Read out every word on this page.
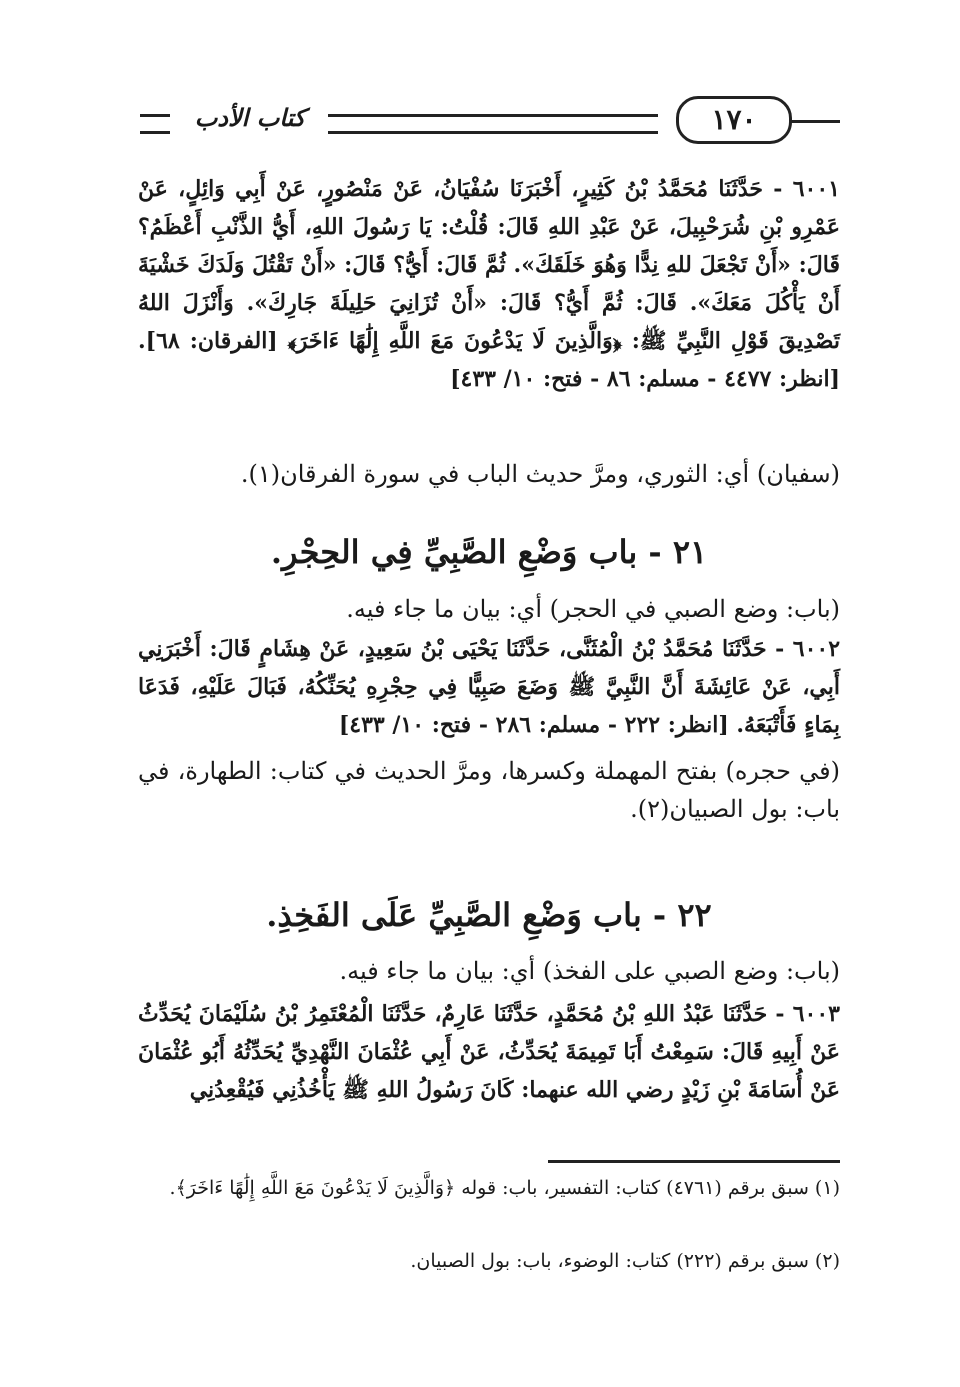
كتاب الأدب	١٧٠
٦٠٠١ - حَدَّثَنَا مُحَمَّدُ بْنُ كَثِيرٍ، أَخْبَرَنَا سُفْيَانُ، عَنْ مَنْصُورٍ، عَنْ أَبِي وَائِلٍ، عَنْ عَمْرِو بْنِ شُرَحْبِيلَ، عَنْ عَبْدِ اللهِ قَالَ: قُلْتُ: يَا رَسُولَ اللهِ، أَيُّ الذَّنْبِ أَعْظَمُ؟ قَالَ: «أَنْ تَجْعَلَ للهِ نِدًّا وَهُوَ خَلَقَكَ». ثُمَّ قَالَ: أَيُّ؟ قَالَ: «أَنْ تَقْتُلَ وَلَدَكَ خَشْيَةَ أَنْ يَأْكُلَ مَعَكَ». قَالَ: ثُمَّ أَيُّ؟ قَالَ: «أَنْ تُزَانِيَ حَلِيلَةَ جَارِكَ». وَأَنْزَلَ اللهُ تَصْدِيقَ قَوْلِ النَّبِيِّ ﷺ: ﴿وَالَّذِينَ لَا يَدْعُونَ مَعَ اللَّهِ إِلَٰهًا ءَاخَرَ﴾ [الفرقان: ٦٨]. [انظر: ٤٤٧٧ - مسلم: ٨٦ - فتح: ١٠/ ٤٣٣]
(سفيان) أي: الثوري، ومرَّ حديث الباب في سورة الفرقان(١).
٢١ - باب وَضْعِ الصَّبِيِّ فِي الحِجْرِ.
(باب: وضع الصبي في الحجر) أي: بيان ما جاء فيه.
٦٠٠٢ - حَدَّثَنَا مُحَمَّدُ بْنُ الْمُثَنَّى، حَدَّثَنَا يَحْيَى بْنُ سَعِيدٍ، عَنْ هِشَامٍ قَالَ: أَخْبَرَنِي أَبِي، عَنْ عَائِشَةَ أَنَّ النَّبِيَّ ﷺ وَضَعَ صَبِيًّا فِي حِجْرِهِ يُحَنِّكُهُ، فَبَالَ عَلَيْهِ، فَدَعَا بِمَاءٍ فَأَتْبَعَهُ. [انظر: ٢٢٢ - مسلم: ٢٨٦ - فتح: ١٠/ ٤٣٣]
(في حجره) بفتح المهملة وكسرها، ومرَّ الحديث في كتاب: الطهارة، في باب: بول الصبيان(٢).
٢٢ - باب وَضْعِ الصَّبِيِّ عَلَى الفَخِذِ.
(باب: وضع الصبي على الفخذ) أي: بيان ما جاء فيه.
٦٠٠٣ - حَدَّثَنَا عَبْدُ اللهِ بْنُ مُحَمَّدٍ، حَدَّثَنَا عَارِمٌ، حَدَّثَنَا الْمُعْتَمِرُ بْنُ سُلَيْمَانَ يُحَدِّثُ عَنْ أَبِيهِ قَالَ: سَمِعْتُ أَبَا تَمِيمَةَ يُحَدِّثُ، عَنْ أَبِي عُثْمَانَ النَّهْدِيِّ يُحَدِّثُهُ أَبُو عُثْمَانَ عَنْ أُسَامَةَ بْنِ زَيْدٍ رضي الله عنهما: كَانَ رَسُولُ اللهِ ﷺ يَأْخُذُنِي فَيُقْعِدُنِي
(١) سبق برقم (٤٧٦١) كتاب: التفسير، باب: قوله ﴿وَالَّذِينَ لَا يَدْعُونَ مَعَ اللَّهِ إِلَٰهًا ءَاخَرَ﴾.
(٢) سبق برقم (٢٢٢) كتاب: الوضوء، باب: بول الصبيان.
